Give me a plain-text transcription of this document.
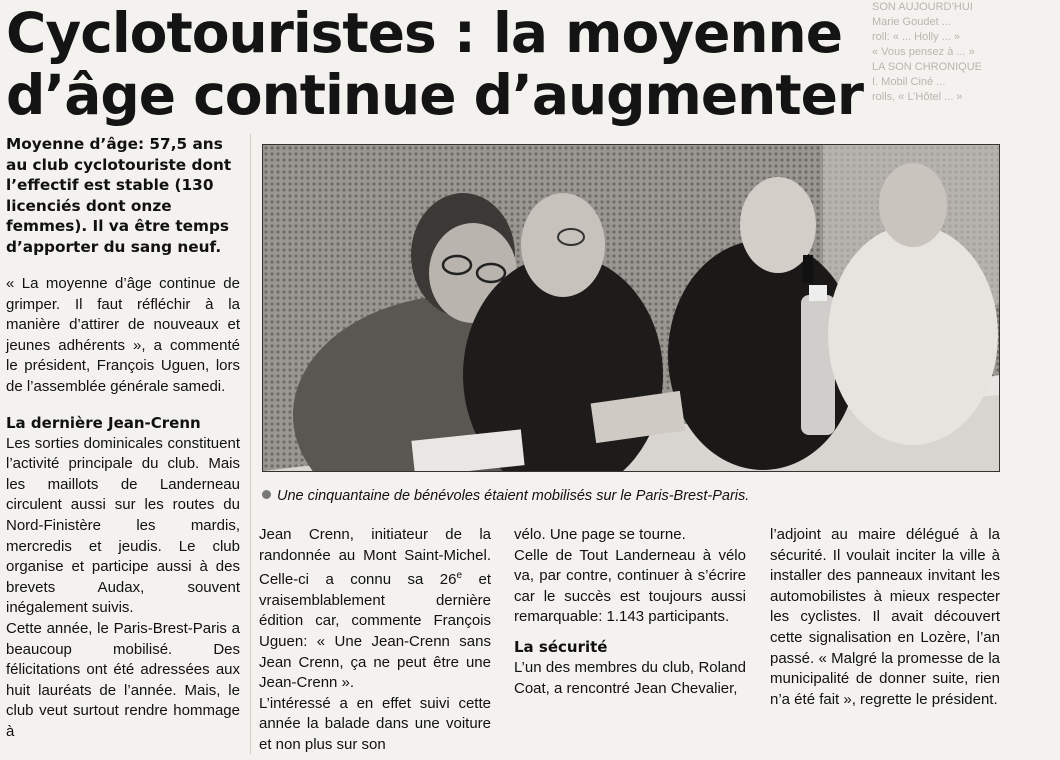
Cyclotouristes : la moyenne
d’âge continue d’augmenter
SON AUJOURD’HUI
Marie Goudet ...
roll: « ... Holly ... »
« Vous pensez à ... »
LA SON CHRONIQUE
I. Mobil Ciné ...
rolls, « L’Hôtel ... »

Moyenne d’âge: 57,5 ans au club cyclotouriste dont l’effectif est stable (130 licenciés dont onze femmes). Il va être temps d’apporter du sang neuf.

« La moyenne d’âge continue de grimper. Il faut réfléchir à la manière d’attirer de nouveaux et jeunes adhérents », a commenté le président, François Uguen, lors de l’assemblée générale samedi.

La dernière Jean-Crenn

Les sorties dominicales constituent l’activité principale du club. Mais les maillots de Landerneau circulent aussi sur les routes du Nord-Finistère les mardis, mercredis et jeudis. Le club organise et participe aussi à des brevets Audax, souvent inégalement suivis.

Cette année, le Paris-Brest-Paris a beaucoup mobilisé. Des félicitations ont été adressées aux huit lauréats de l’année. Mais, le club veut surtout rendre hommage à

Une cinquantaine de bénévoles étaient mobilisés sur le Paris-Brest-Paris.

Jean Crenn, initiateur de la randonnée au Mont Saint-Michel. Celle-ci a connu sa 26e et vraisemblablement dernière édition car, commente François Uguen: « Une Jean-Crenn sans Jean Crenn, ça ne peut être une Jean-Crenn ».

L’intéressé a en effet suivi cette année la balade dans une voiture et non plus sur son

vélo. Une page se tourne.

Celle de Tout Landerneau à vélo va, par contre, continuer à s’écrire car le succès est toujours aussi remarquable: 1.143 participants.

La sécurité

L’un des membres du club, Roland Coat, a rencontré Jean Chevalier,

l’adjoint au maire délégué à la sécurité. Il voulait inciter la ville à installer des panneaux invitant les automobilistes à mieux respecter les cyclistes. Il avait découvert cette signalisation en Lozère, l’an passé. « Malgré la promesse de la municipalité de donner suite, rien n’a été fait », regrette le président.
